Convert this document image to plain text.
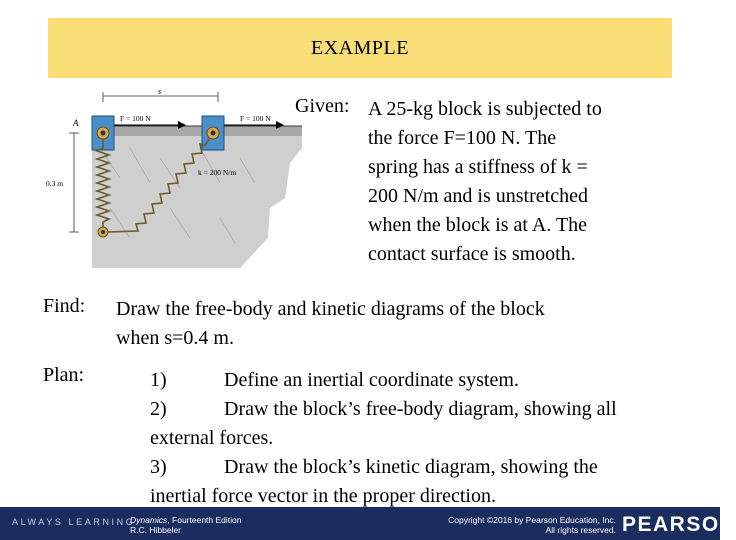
EXAMPLE
s
A	F = 100 N	F = 100 N
k = 200 N/m
0.3 m
Given: A 25-kg block is subjected to
the force F=100 N. The
spring has a stiffness of k =
200 N/m and is unstretched
when the block is at A. The
contact surface is smooth.
Find: Draw the free-body and kinetic diagrams of the block
when s=0.4 m.
Plan:	1)	Define an inertial coordinate system.
2)	Draw the block’s free-body diagram, showing all
external forces.
3)	Draw the block’s kinetic diagram, showing the
inertial force vector in the proper direction.
ALWAYS LEARNING
Dynamics, Fourteenth Edition
R.C. Hibbeler
Copyright ©2016 by Pearson Education, Inc.
All rights reserved. PEARSON
